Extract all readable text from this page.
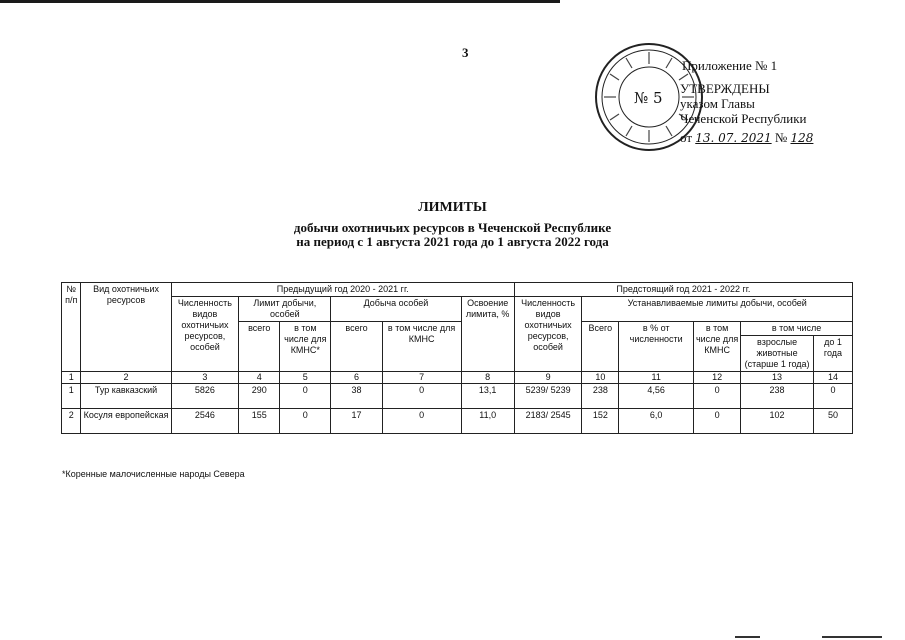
3
№ 5
Приложение № 1
УТВЕРЖДЕНЫ
указом Главы
Чеченской Республики
от 13. 07. 2021 № 128
ЛИМИТЫ
добычи охотничьих ресурсов в Чеченской Республике
на период с 1 августа 2021 года до 1 августа 2022 года
№ п/п	Вид охотничьих ресурсов	Предыдущий год 2020 - 2021 гг.						Предстоящий год 2021 - 2022 гг.					
		Численность видов охотничьих ресурсов, особей	Лимит добычи, особей		Добыча особей		Освоение лимита, %	Численность видов охотничьих ресурсов, особей	Устанавливаемые лимиты добычи, особей				
			всего	в том числе для КМНС*	всего	в том числе для КМНС			Всего	в % от численности	в том числе для КМНС	в том числе	
												взрослые животные (старше 1 года)	до 1 года
1	2	3	4	5	6	7	8	9	10	11	12	13	14
1	Тур кавказский	5826	290	0	38	0	13,1	5239/ 5239	238	4,56	0	238	0
2	Косуля европейская	2546	155	0	17	0	11,0	2183/ 2545	152	6,0	0	102	50
*Коренные малочисленные народы Севера
